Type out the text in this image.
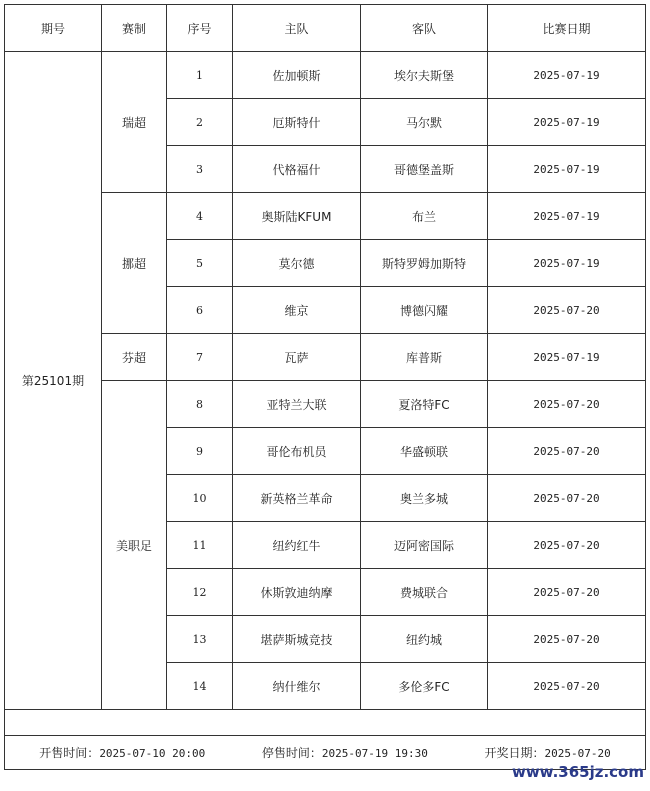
期号	赛制	序号	主队	客队	比赛日期
第25101期	瑞超	1	佐加顿斯	埃尔夫斯堡	2025-07-19
		2	厄斯特什	马尔默	2025-07-19
		3	代格福什	哥德堡盖斯	2025-07-19
	挪超	4	奥斯陆KFUM	布兰	2025-07-19
		5	莫尔德	斯特罗姆加斯特	2025-07-19
		6	维京	博德闪耀	2025-07-20
	芬超	7	瓦萨	库普斯	2025-07-19
	美职足	8	亚特兰大联	夏洛特FC	2025-07-20
		9	哥伦布机员	华盛顿联	2025-07-20
		10	新英格兰革命	奥兰多城	2025-07-20
		11	纽约红牛	迈阿密国际	2025-07-20
		12	休斯敦迪纳摩	费城联合	2025-07-20
		13	堪萨斯城竞技	纽约城	2025-07-20
		14	纳什维尔	多伦多FC	2025-07-20

开售时间：2025-07-10 20:00 停售时间：2025-07-19 19:30 开奖日期：2025-07-20					
www.365jz.com
